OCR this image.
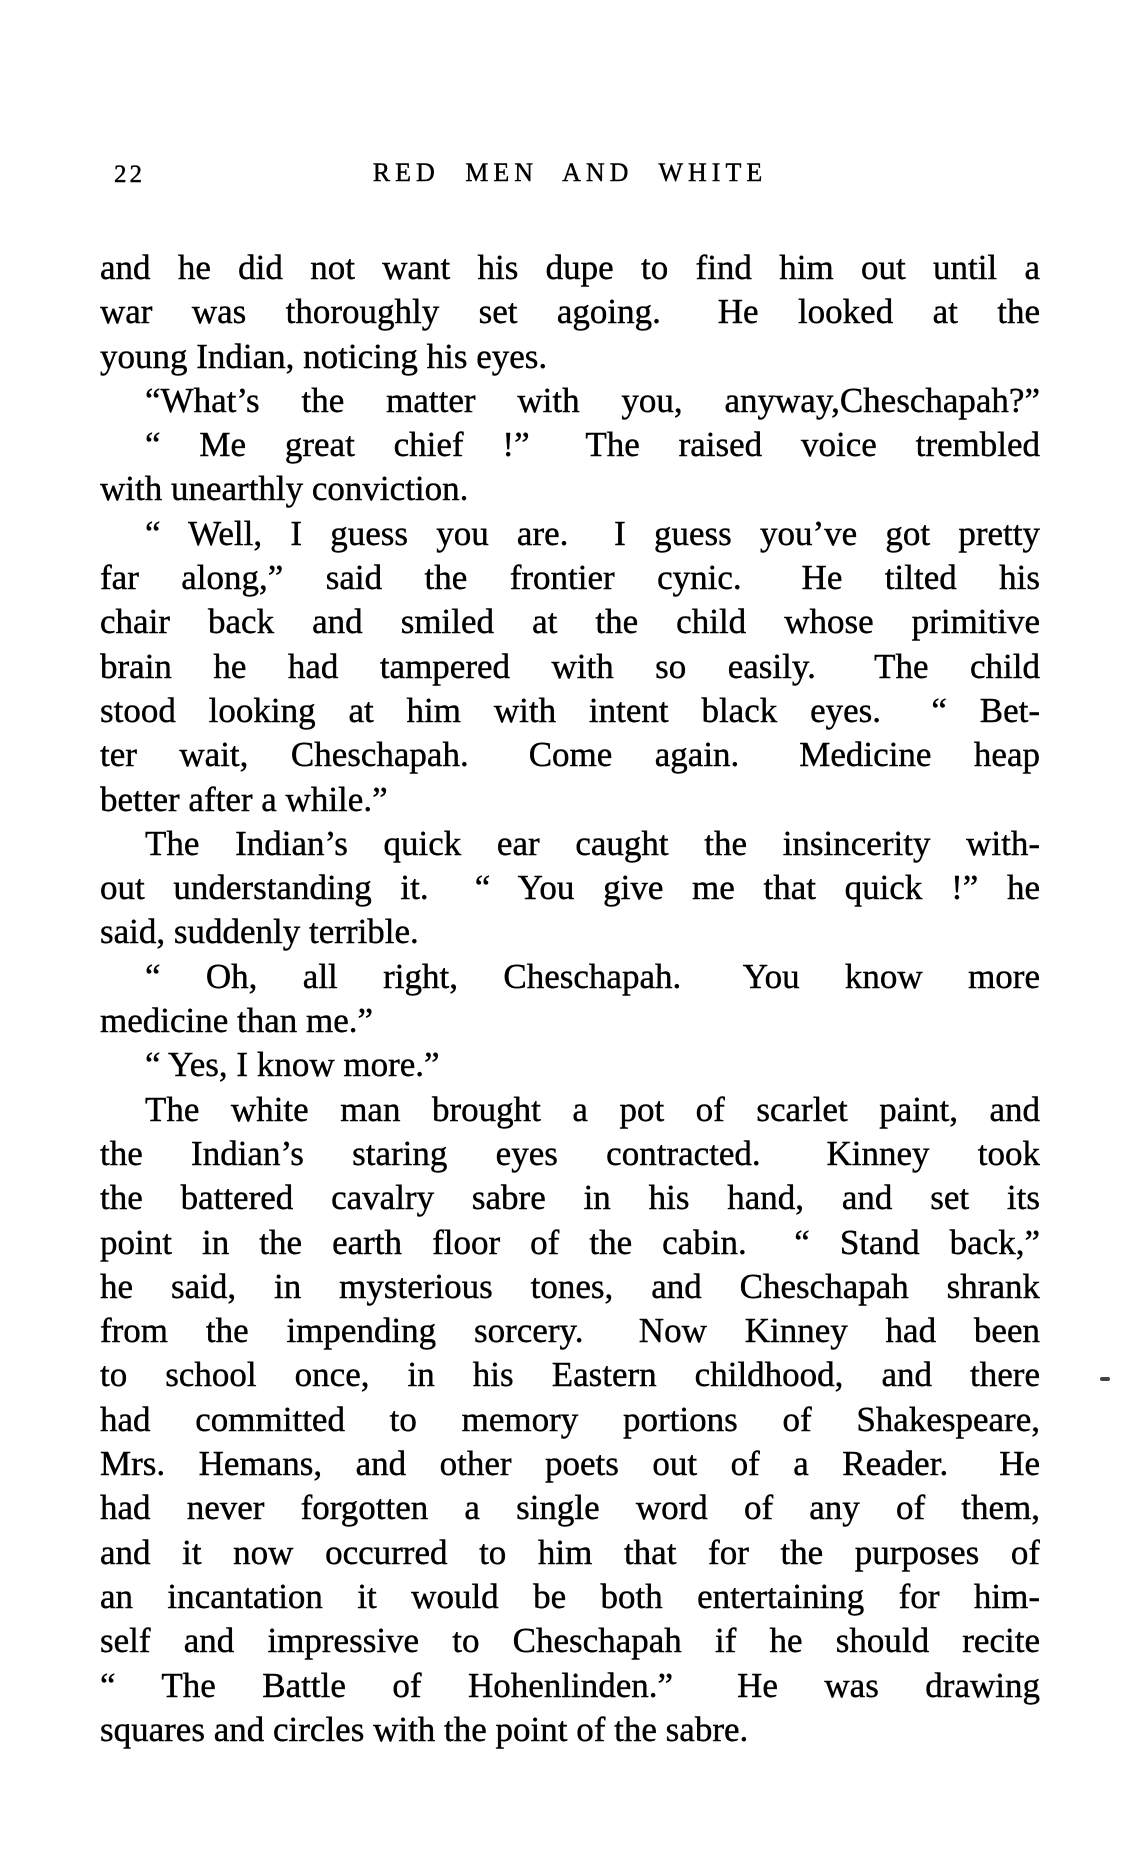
22	RED MEN AND WHITE
and he did not want his dupe to find him out until a
war was thoroughly set agoing.  He looked at the
young Indian, noticing his eyes.
“What’s the matter with you, anyway,Cheschapah?”
“ Me great chief !”  The raised voice trembled
with unearthly conviction.
“ Well, I guess you are.  I guess you’ve got pretty
far along,” said the frontier cynic.  He tilted his
chair back and smiled at the child whose primitive
brain he had tampered with so easily.  The child
stood looking at him with intent black eyes.  “ Bet-
ter wait, Cheschapah.  Come again.  Medicine heap
better after a while.”
The Indian’s quick ear caught the insincerity with-
out understanding it.  “ You give me that quick !” he
said, suddenly terrible.
“ Oh, all right, Cheschapah.  You know more
medicine than me.”
“ Yes, I know more.”
The white man brought a pot of scarlet paint, and
the Indian’s staring eyes contracted.  Kinney took
the battered cavalry sabre in his hand, and set its
point in the earth floor of the cabin.  “ Stand back,”
he said, in mysterious tones, and Cheschapah shrank
from the impending sorcery.  Now Kinney had been
to school once, in his Eastern childhood, and there
had committed to memory portions of Shakespeare,
Mrs. Hemans, and other poets out of a Reader.  He
had never forgotten a single word of any of them,
and it now occurred to him that for the purposes of
an incantation it would be both entertaining for him-
self and impressive to Cheschapah if he should recite
“ The Battle of Hohenlinden.”  He was drawing
squares and circles with the point of the sabre.
